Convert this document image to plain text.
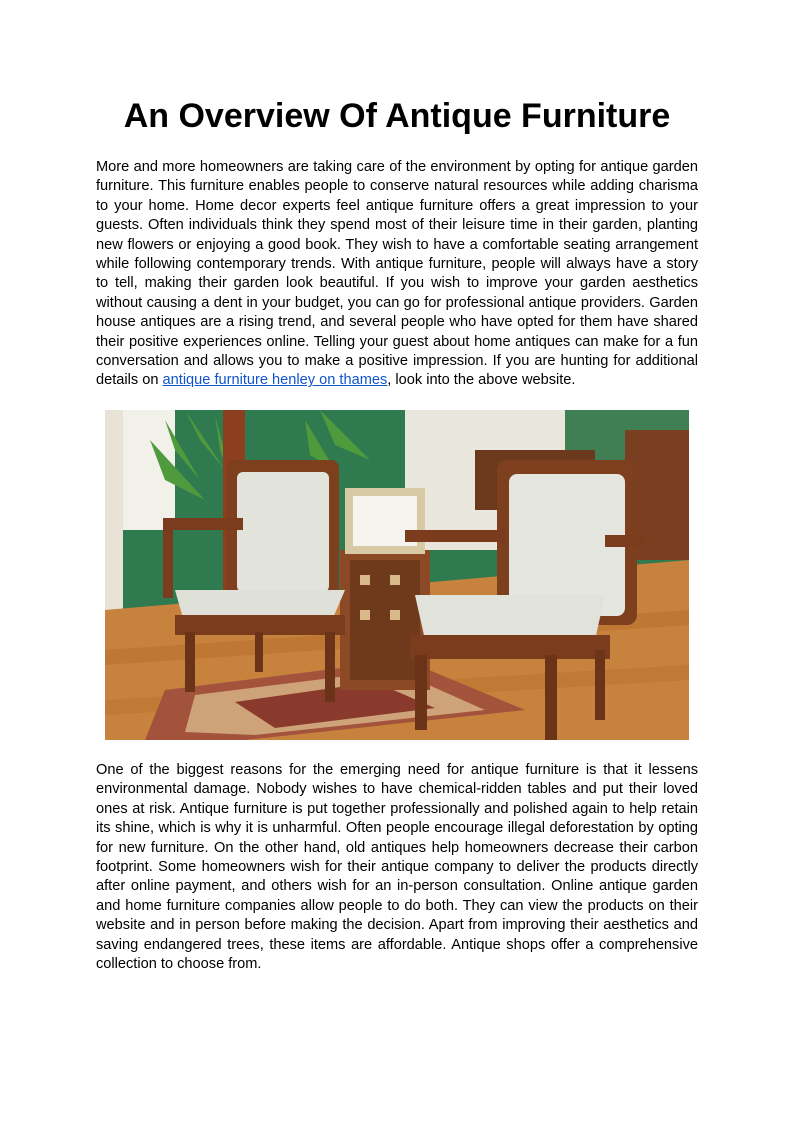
An Overview Of Antique Furniture

More and more homeowners are taking care of the environment by opting for antique garden furniture. This furniture enables people to conserve natural resources while adding charisma to your home. Home decor experts feel antique furniture offers a great impression to your guests. Often individuals think they spend most of their leisure time in their garden, planting new flowers or enjoying a good book. They wish to have a comfortable seating arrangement while following contemporary trends. With antique furniture, people will always have a story to tell, making their garden look beautiful. If you wish to improve your garden aesthetics without causing a dent in your budget, you can go for professional antique providers. Garden house antiques are a rising trend, and several people who have opted for them have shared their positive experiences online. Telling your guest about home antiques can make for a fun conversation and allows you to make a positive impression. If you are hunting for additional details on antique furniture henley on thames, look into the above website.

One of the biggest reasons for the emerging need for antique furniture is that it lessens environmental damage. Nobody wishes to have chemical-ridden tables and put their loved ones at risk. Antique furniture is put together professionally and polished again to help retain its shine, which is why it is unharmful. Often people encourage illegal deforestation by opting for new furniture. On the other hand, old antiques help homeowners decrease their carbon footprint. Some homeowners wish for their antique company to deliver the products directly after online payment, and others wish for an in-person consultation. Online antique garden and home furniture companies allow people to do both. They can view the products on their website and in person before making the decision. Apart from improving their aesthetics and saving endangered trees, these items are affordable. Antique shops offer a comprehensive collection to choose from.
